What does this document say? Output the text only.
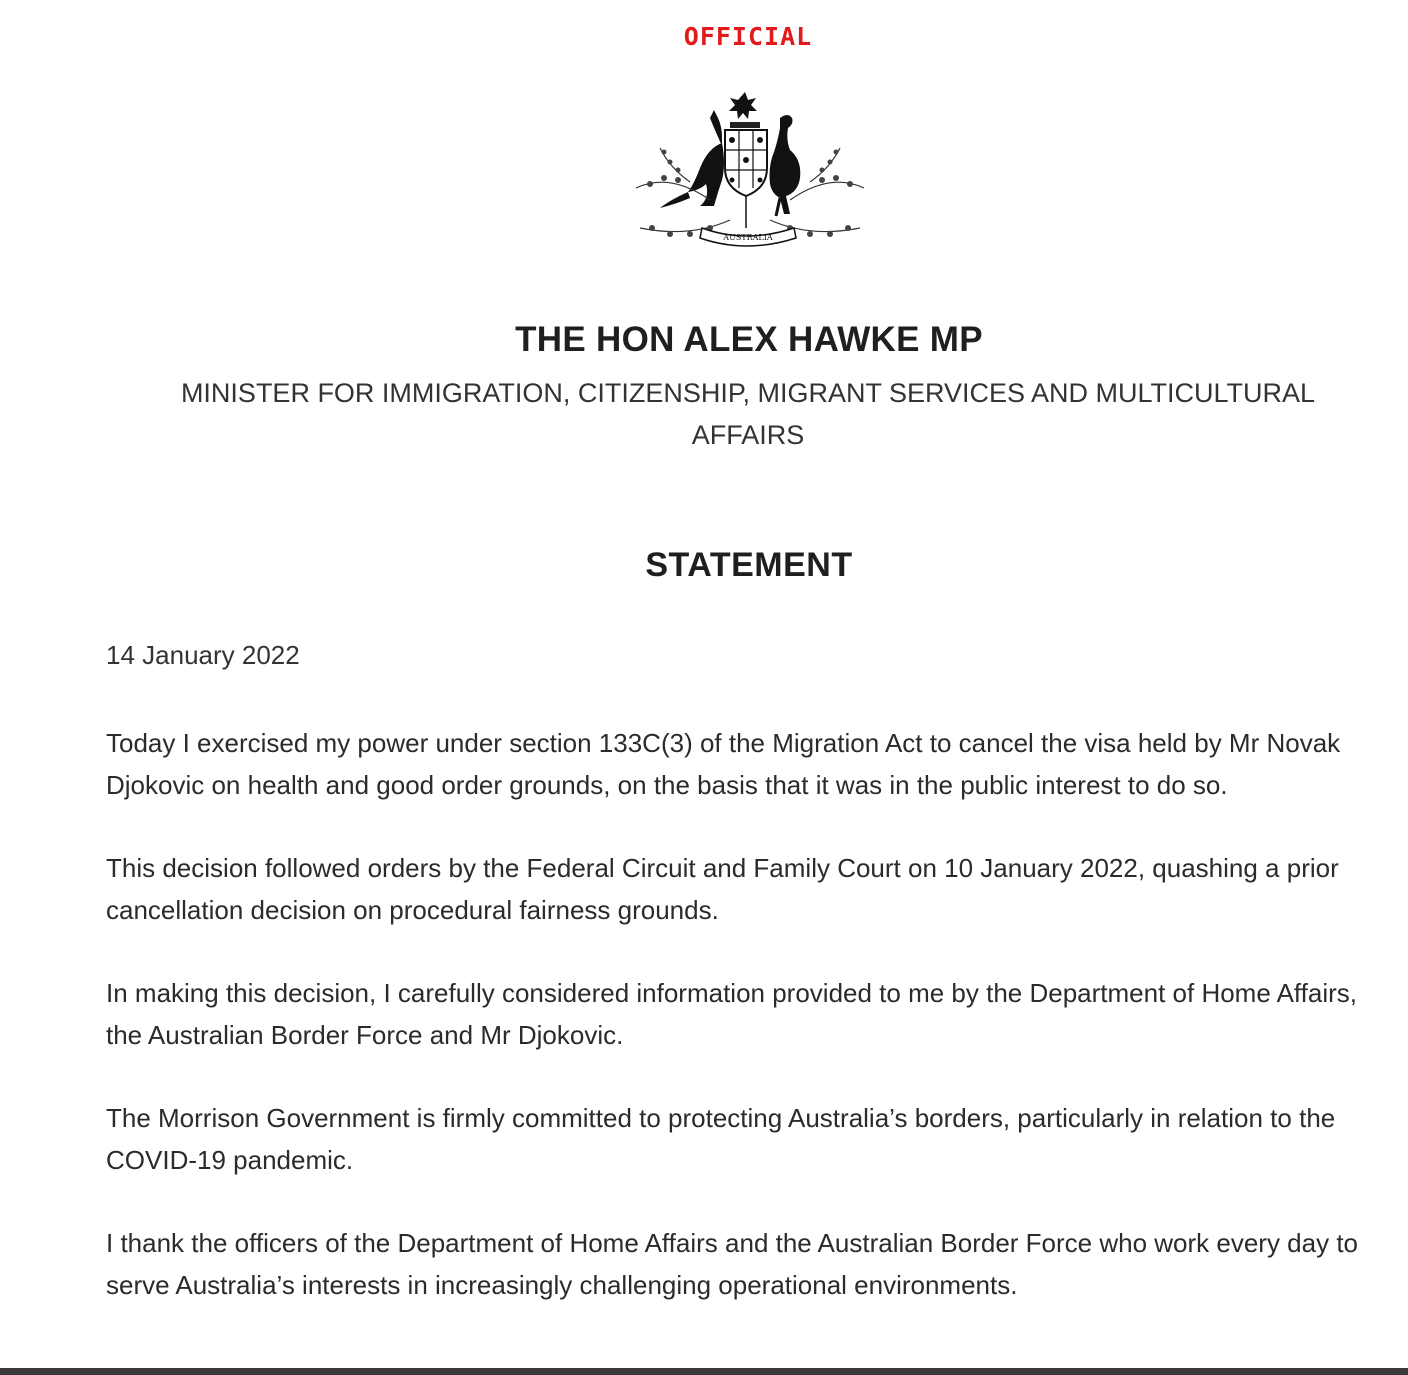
OFFICIAL
AUSTRALIA
THE HON ALEX HAWKE MP
MINISTER FOR IMMIGRATION, CITIZENSHIP, MIGRANT SERVICES AND MULTICULTURAL AFFAIRS
STATEMENT
14 January 2022

Today I exercised my power under section 133C(3) of the Migration Act to cancel the visa held by Mr Novak Djokovic on health and good order grounds, on the basis that it was in the public interest to do so.

This decision followed orders by the Federal Circuit and Family Court on 10 January 2022, quashing a prior cancellation decision on procedural fairness grounds.

In making this decision, I carefully considered information provided to me by the Department of Home Affairs, the Australian Border Force and Mr Djokovic.

The Morrison Government is firmly committed to protecting Australia’s borders, particularly in relation to the COVID-19 pandemic.

I thank the officers of the Department of Home Affairs and the Australian Border Force who work every day to serve Australia’s interests in increasingly challenging operational environments.
